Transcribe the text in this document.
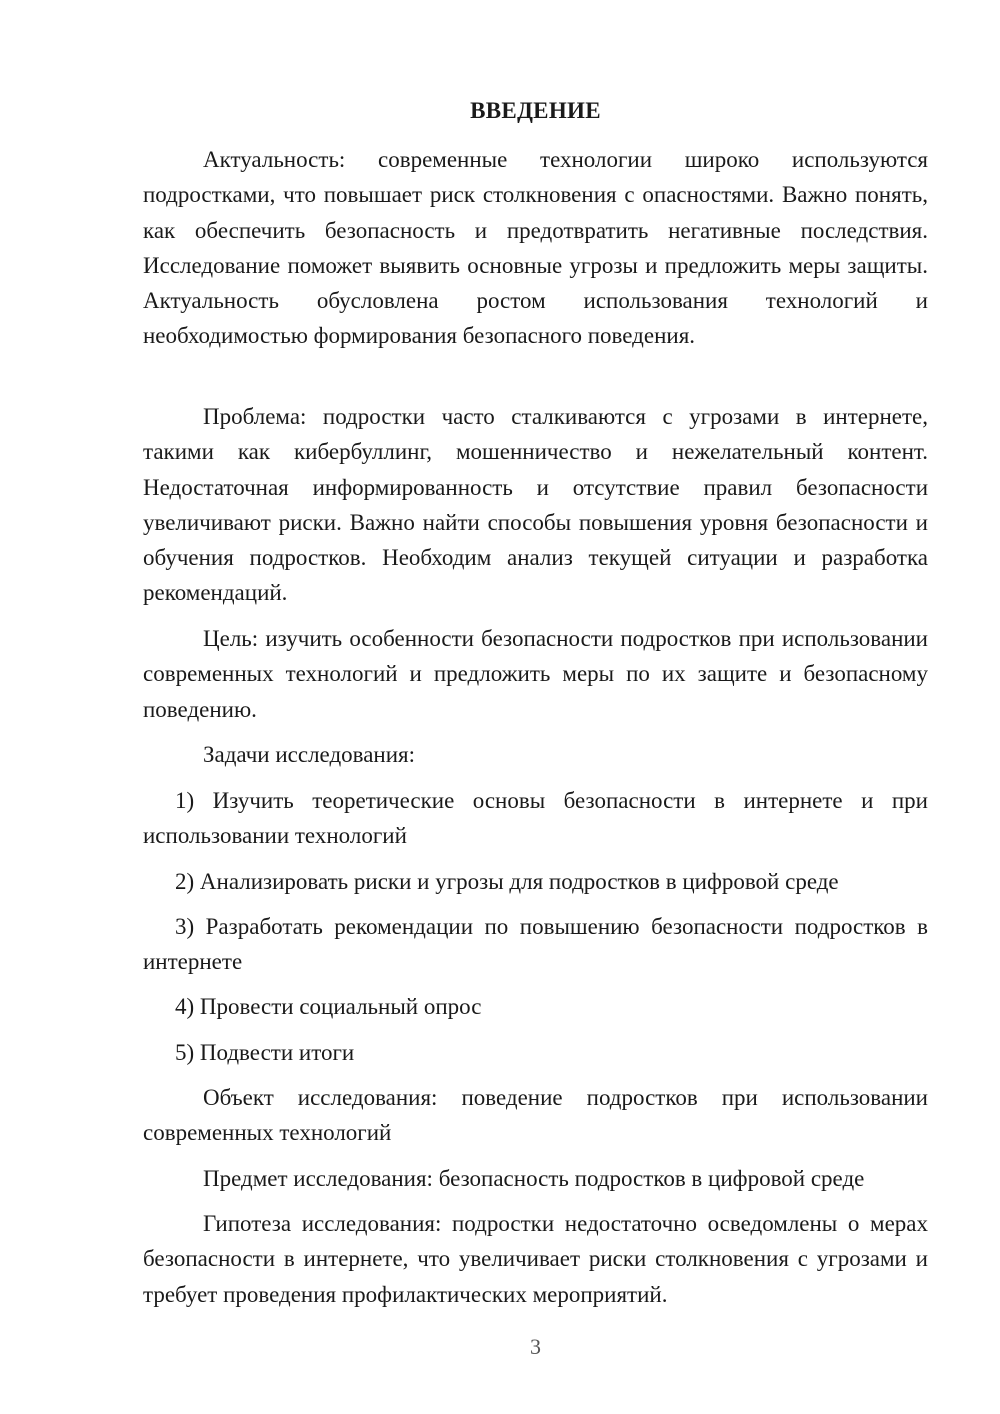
ВВЕДЕНИЕ

Актуальность: современные технологии широко используются подростками, что повышает риск столкновения с опасностями. Важно понять, как обеспечить безопасность и предотвратить негативные последствия. Исследование поможет выявить основные угрозы и предложить меры защиты. Актуальность обусловлена ростом использования технологий и необходимостью формирования безопасного поведения.

Проблема: подростки часто сталкиваются с угрозами в интернете, такими как кибербуллинг, мошенничество и нежелательный контент. Недостаточная информированность и отсутствие правил безопасности увеличивают риски. Важно найти способы повышения уровня безопасности и обучения подростков. Необходим анализ текущей ситуации и разработка рекомендаций.

Цель: изучить особенности безопасности подростков при использовании современных технологий и предложить меры по их защите и безопасному поведению.

Задачи исследования:

1) Изучить теоретические основы безопасности в интернете и при использовании технологий

2) Анализировать риски и угрозы для подростков в цифровой среде

3) Разработать рекомендации по повышению безопасности подростков в интернете

4) Провести социальный опрос

5) Подвести итоги

Объект исследования: поведение подростков при использовании современных технологий

Предмет исследования: безопасность подростков в цифровой среде

Гипотеза исследования: подростки недостаточно осведомлены о мерах безопасности в интернете, что увеличивает риски столкновения с угрозами и требует проведения профилактических мероприятий.

3
